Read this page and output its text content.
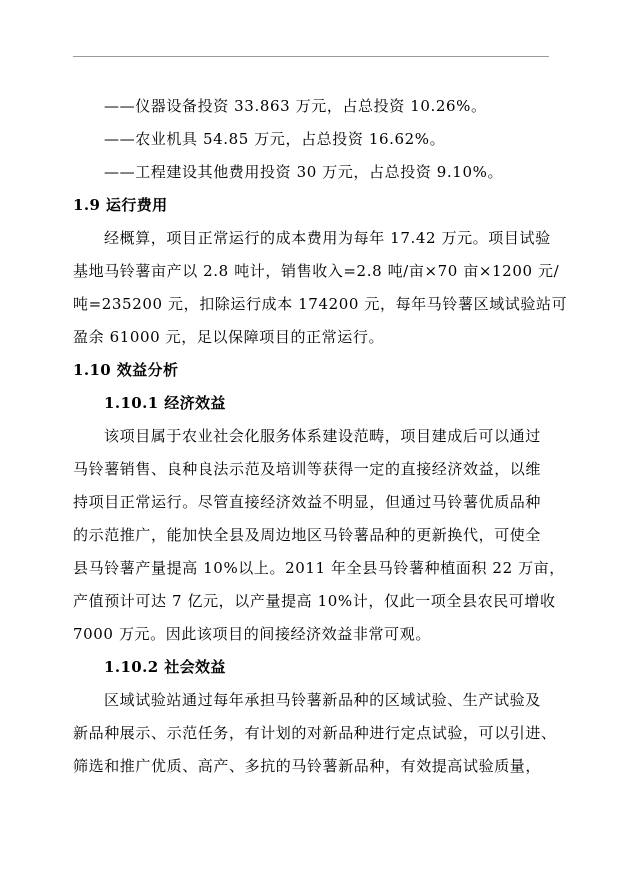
——仪器设备投资 33.863 万元，占总投资 10.26%。
——农业机具 54.85 万元，占总投资 16.62%。
——工程建设其他费用投资 30 万元，占总投资 9.10%。
1.9 运行费用
经概算，项目正常运行的成本费用为每年 17.42 万元。项目试验
基地马铃薯亩产以 2.8 吨计，销售收入=2.8 吨/亩×70 亩×1200 元/
吨=235200 元，扣除运行成本 174200 元，每年马铃薯区域试验站可
盈余 61000 元，足以保障项目的正常运行。
1.10 效益分析
1.10.1 经济效益
该项目属于农业社会化服务体系建设范畴，项目建成后可以通过
马铃薯销售、良种良法示范及培训等获得一定的直接经济效益，以维
持项目正常运行。尽管直接经济效益不明显，但通过马铃薯优质品种
的示范推广，能加快全县及周边地区马铃薯品种的更新换代，可使全
县马铃薯产量提高 10%以上。2011 年全县马铃薯种植面积 22 万亩，
产值预计可达 7 亿元，以产量提高 10%计，仅此一项全县农民可增收
7000 万元。因此该项目的间接经济效益非常可观。
1.10.2 社会效益
区域试验站通过每年承担马铃薯新品种的区域试验、生产试验及
新品种展示、示范任务，有计划的对新品种进行定点试验，可以引进、
筛选和推广优质、高产、多抗的马铃薯新品种，有效提高试验质量，
